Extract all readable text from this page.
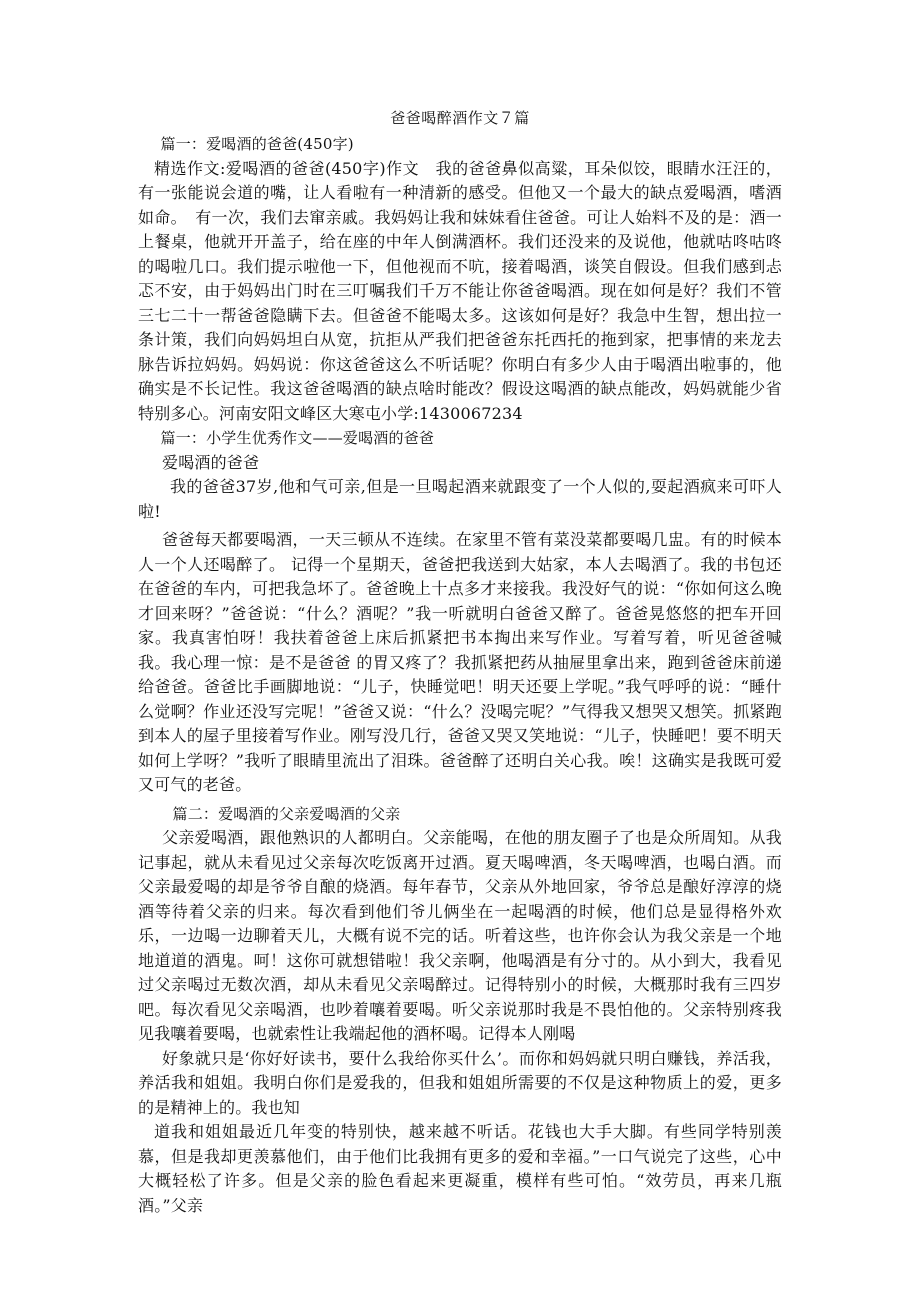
爸爸喝醉酒作文７篇

篇一：爱喝酒的爸爸(450字)

精选作文:爱喝酒的爸爸(450字)作文　我的爸爸鼻似高粱，耳朵似饺，眼睛水汪汪的，有一张能说会道的嘴，让人看啦有一种清新的感受。但他又一个最大的缺点爱喝酒，嗜酒如命。　有一次，我们去窜亲戚。我妈妈让我和妹妹看住爸爸。可让人始料不及的是：酒一上餐桌，他就开开盖子，给在座的中年人倒满酒杯。我们还没来的及说他，他就咕咚咕咚的喝啦几口。我们提示啦他一下，但他视而不吭，接着喝酒，谈笑自假设。但我们感到忐忑不安，由于妈妈出门时在三叮嘱我们千万不能让你爸爸喝酒。现在如何是好？我们不管三七二十一帮爸爸隐瞒下去。但爸爸不能喝太多。这该如何是好？我急中生智，想出拉一条计策，我们向妈妈坦白从宽，抗拒从严我们把爸爸东托西托的拖到家，把事情的来龙去脉告诉拉妈妈。妈妈说：你这爸爸这么不听话呢？你明白有多少人由于喝酒出啦事的，他确实是不长记性。我这爸爸喝酒的缺点啥时能改？假设这喝酒的缺点能改，妈妈就能少省特别多心。河南安阳文峰区大寒屯小学:1430067234

篇一：小学生优秀作文——爱喝酒的爸爸

爱喝酒的爸爸

我的爸爸37岁,他和气可亲,但是一旦喝起酒来就跟变了一个人似的,耍起酒疯来可吓人啦!

爸爸每天都要喝酒，一天三顿从不连续。在家里不管有菜没菜都要喝几盅。有的时候本人一个人还喝醉了。 记得一个星期天，爸爸把我送到大姑家，本人去喝酒了。我的书包还在爸爸的车内，可把我急坏了。爸爸晚上十点多才来接我。我没好气的说：“你如何这么晚才回来呀？”爸爸说：“什么？酒呢？”我一听就明白爸爸又醉了。爸爸晃悠悠的把车开回家。我真害怕呀！我扶着爸爸上床后抓紧把书本掏出来写作业。写着写着，听见爸爸喊我。我心理一惊：是不是爸爸 的胃又疼了？我抓紧把药从抽屉里拿出来，跑到爸爸床前递给爸爸。爸爸比手画脚地说：“儿子，快睡觉吧！明天还要上学呢。”我气呼呼的说：“睡什么觉啊？作业还没写完呢！”爸爸又说：“什么？没喝完呢？”气得我又想哭又想笑。抓紧跑到本人的屋子里接着写作业。刚写没几行，爸爸又哭又笑地说：“儿子，快睡吧！要不明天如何上学呀？”我听了眼睛里流出了泪珠。爸爸醉了还明白关心我。唉！这确实是我既可爱又可气的老爸。

篇二：爱喝酒的父亲爱喝酒的父亲

父亲爱喝酒，跟他熟识的人都明白。父亲能喝，在他的朋友圈子了也是众所周知。从我记事起，就从未看见过父亲每次吃饭离开过酒。夏天喝啤酒，冬天喝啤酒，也喝白酒。而父亲最爱喝的却是爷爷自酿的烧酒。每年春节，父亲从外地回家，爷爷总是酿好淳淳的烧酒等待着父亲的归来。每次看到他们爷儿俩坐在一起喝酒的时候，他们总是显得格外欢乐，一边喝一边聊着天儿，大概有说不完的话。听着这些，也许你会认为我父亲是一个地地道道的酒鬼。呵！这你可就想错啦！我父亲啊，他喝酒是有分寸的。从小到大，我看见过父亲喝过无数次酒，却从未看见父亲喝醉过。记得特别小的时候，大概那时我有三四岁吧。每次看见父亲喝酒，也吵着嚷着要喝。听父亲说那时我是不畏怕他的。父亲特别疼我见我嚷着要喝，也就索性让我端起他的酒杯喝。记得本人刚喝

好象就只是‘你好好读书，要什么我给你买什么’。而你和妈妈就只明白赚钱，养活我，养活我和姐姐。我明白你们是爱我的，但我和姐姐所需要的不仅是这种物质上的爱，更多的是精神上的。我也知

道我和姐姐最近几年变的特别快，越来越不听话。花钱也大手大脚。有些同学特别羡慕，但是我却更羡慕他们，由于他们比我拥有更多的爱和幸福。”一口气说完了这些，心中大概轻松了许多。但是父亲的脸色看起来更凝重，模样有些可怕。“效劳员，再来几瓶酒。”父亲
